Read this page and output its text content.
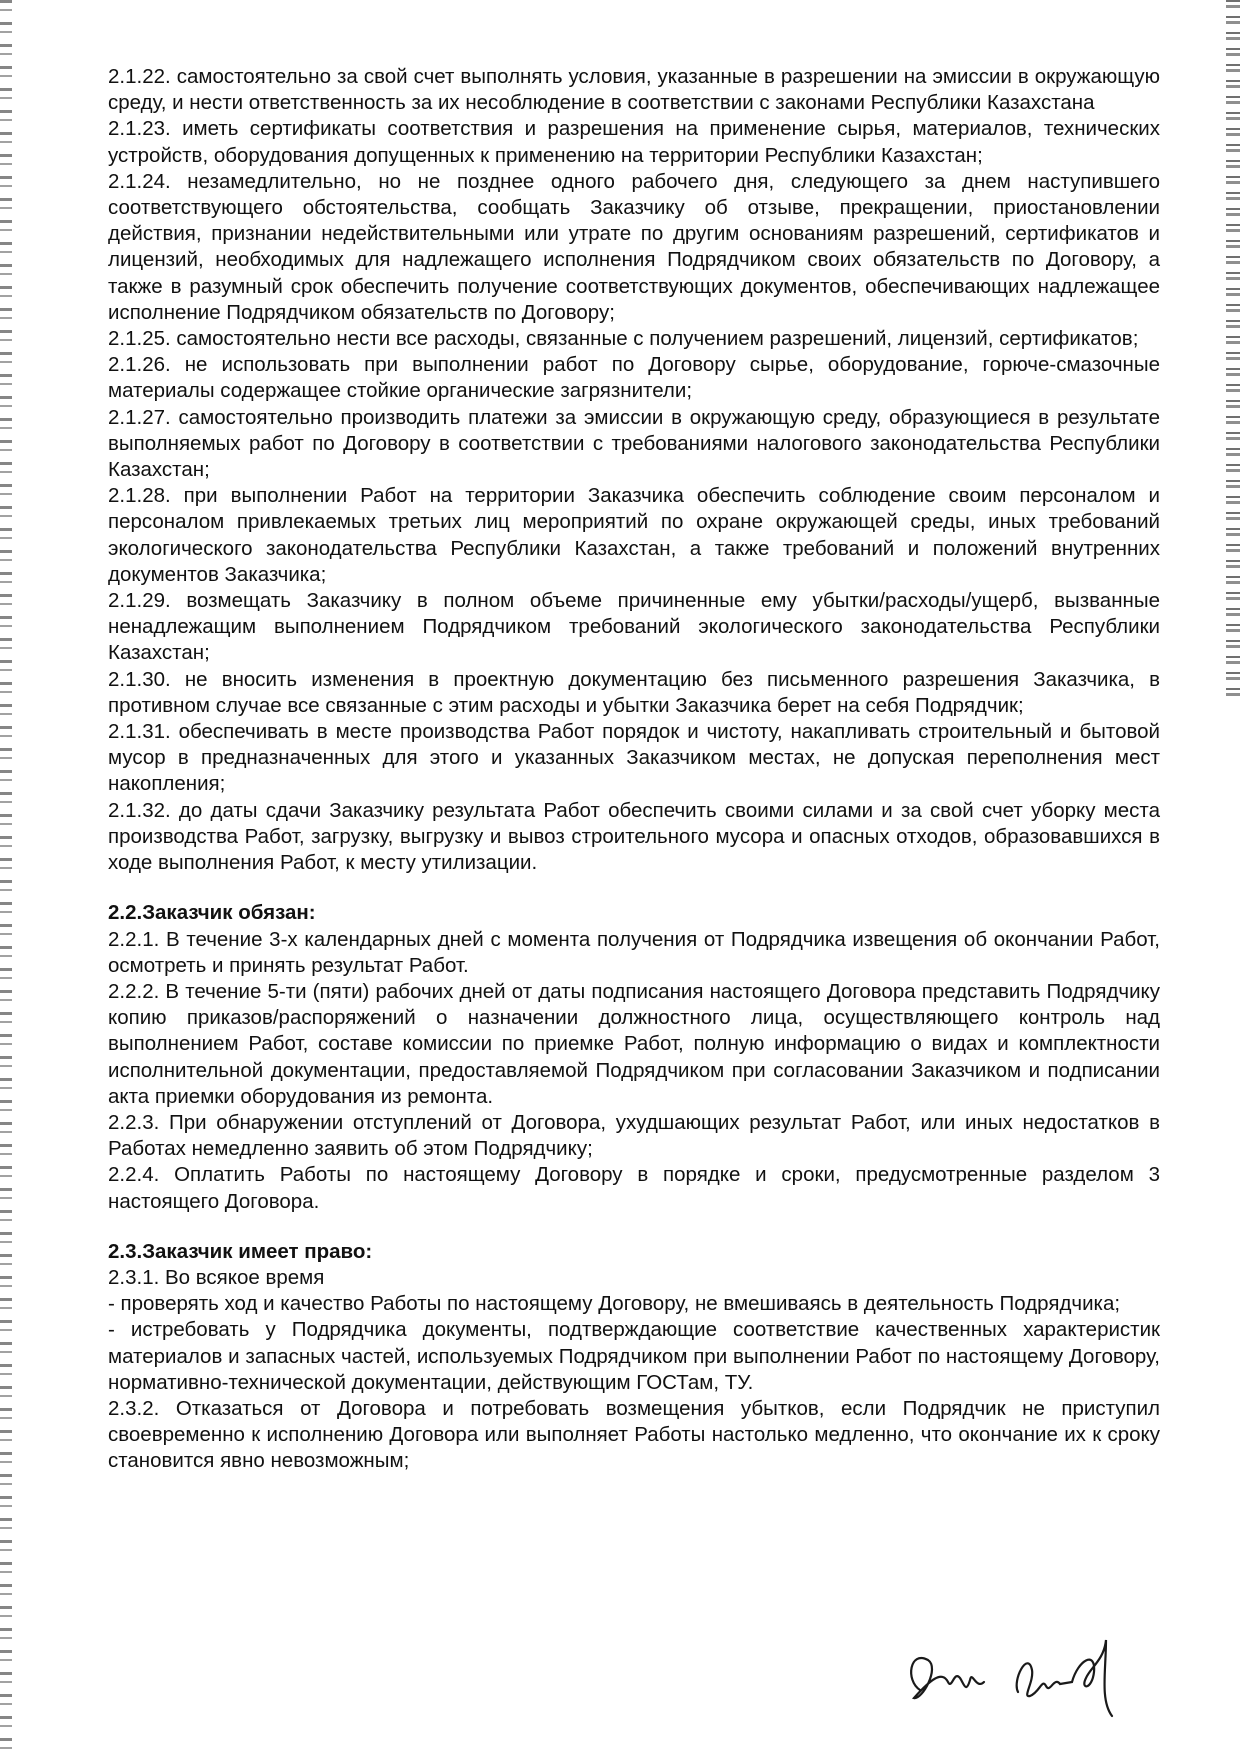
2.1.22. самостоятельно за свой счет выполнять условия, указанные в разрешении на эмиссии в окружающую среду, и нести ответственность за их несоблюдение в соответствии с законами Республики Казахстана

2.1.23. иметь сертификаты соответствия и разрешения на применение сырья, материалов, технических устройств, оборудования допущенных к применению на территории Республики Казахстан;

2.1.24. незамедлительно, но не позднее одного рабочего дня, следующего за днем наступившего соответствующего обстоятельства, сообщать Заказчику об отзыве, прекращении, приостановлении действия, признании недействительными или утрате по другим основаниям разрешений, сертификатов и лицензий, необходимых для надлежащего исполнения Подрядчиком своих обязательств по Договору, а также в разумный срок обеспечить получение соответствующих документов, обеспечивающих надлежащее исполнение Подрядчиком обязательств по Договору;

2.1.25. самостоятельно нести все расходы, связанные с получением разрешений, лицензий, сертификатов;

2.1.26. не использовать при выполнении работ по Договору сырье, оборудование, горюче-смазочные материалы содержащее стойкие органические загрязнители;

2.1.27. самостоятельно производить платежи за эмиссии в окружающую среду, образующиеся в результате выполняемых работ по Договору в соответствии с требованиями налогового законодательства Республики Казахстан;

2.1.28. при выполнении Работ на территории Заказчика обеспечить соблюдение своим персоналом и персоналом привлекаемых третьих лиц мероприятий по охране окружающей среды, иных требований экологического законодательства Республики Казахстан, а также требований и положений внутренних документов Заказчика;

2.1.29. возмещать Заказчику в полном объеме причиненные ему убытки/расходы/ущерб, вызванные ненадлежащим выполнением Подрядчиком требований экологического законодательства Республики Казахстан;

2.1.30. не вносить изменения в проектную документацию без письменного разрешения Заказчика, в противном случае все связанные с этим расходы и убытки Заказчика берет на себя Подрядчик;

2.1.31. обеспечивать в месте производства Работ порядок и чистоту, накапливать строительный и бытовой мусор в предназначенных для этого и указанных Заказчиком местах, не допуская переполнения мест накопления;

2.1.32. до даты сдачи Заказчику результата Работ обеспечить своими силами и за свой счет уборку места производства Работ, загрузку, выгрузку и вывоз строительного мусора и опасных отходов, образовавшихся в ходе выполнения Работ, к месту утилизации.

2.2.Заказчик обязан:

2.2.1. В течение 3-х календарных дней с момента получения от Подрядчика извещения об окончании Работ, осмотреть и принять результат Работ.

2.2.2. В течение 5-ти (пяти) рабочих дней от даты подписания настоящего Договора представить Подрядчику копию приказов/распоряжений о назначении должностного лица, осуществляющего контроль над выполнением Работ, составе комиссии по приемке Работ, полную информацию о видах и комплектности исполнительной документации, предоставляемой Подрядчиком при согласовании Заказчиком и подписании акта приемки оборудования из ремонта.

2.2.3. При обнаружении отступлений от Договора, ухудшающих результат Работ, или иных недостатков в Работах немедленно заявить об этом Подрядчику;

2.2.4. Оплатить Работы по настоящему Договору в порядке и сроки, предусмотренные разделом 3 настоящего Договора.

2.3.Заказчик имеет право:

2.3.1. Во всякое время

- проверять ход и качество Работы по настоящему Договору, не вмешиваясь в деятельность Подрядчика;

- истребовать у Подрядчика документы, подтверждающие соответствие качественных характеристик материалов и запасных частей, используемых Подрядчиком при выполнении Работ по настоящему Договору, нормативно-технической документации, действующим ГОСТам, ТУ.

2.3.2. Отказаться от Договора и потребовать возмещения убытков, если Подрядчик не приступил своевременно к исполнению Договора или выполняет Работы настолько медленно, что окончание их к сроку становится явно невозможным;
